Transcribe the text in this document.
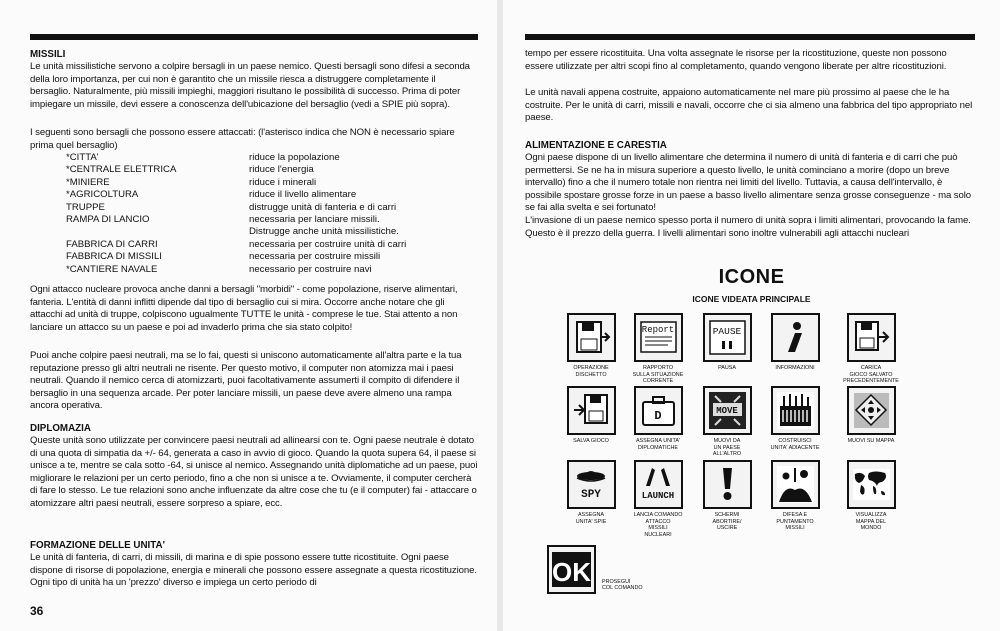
MISSILI
Le unità missilistiche servono a colpire bersagli in un paese nemico. Questi bersagli sono difesi a seconda della loro importanza, per cui non è garantito che un missile riesca a distruggere completamente il bersaglio. Naturalmente, più missili impieghi, maggiori risultano le possibilità di successo. Prima di poter impiegare un missile, devi essere a conoscenza dell'ubicazione del bersaglio (vedi a SPIE più sopra).
I seguenti sono bersagli che possono essere attaccati: (l'asterisco indica che NON è necessario spiare prima quel bersaglio)
*CITTA'	riduce la popolazione
*CENTRALE ELETTRICA	riduce l'energia
*MINIERE	riduce i minerali
*AGRICOLTURA	riduce il livello alimentare
TRUPPE	distrugge unità di fanteria e di carri
RAMPA DI LANCIO	necessaria per lanciare missili.
Distrugge anche unità missilistiche.
FABBRICA DI CARRI	necessaria per costruire unità di carri
FABBRICA DI MISSILI	necessaria per costruire missili
*CANTIERE NAVALE	necessario per costruire navi
Ogni attacco nucleare provoca anche danni a bersagli "morbidi" - come popolazione, riserve alimentari, fanteria. L'entità di danni inflitti dipende dal tipo di bersaglio cui si mira. Occorre anche notare che gli attacchi ad unità di truppe, colpiscono ugualmente TUTTE le unità - comprese le tue. Stai attento a non lanciare un attacco su un paese e poi ad invaderlo prima che sia stato colpito!
Puoi anche colpire paesi neutrali, ma se lo fai, questi si uniscono automaticamente all'altra parte e la tua reputazione presso gli altri neutrali ne risente. Per questo motivo, il computer non atomizza mai i paesi neutrali. Quando il nemico cerca di atomizzarti, puoi facoltativamente assumerti il compito di difendere il bersaglio in una sequenza arcade. Per poter lanciare missili, un paese deve avere almeno una rampa ancora operativa.
DIPLOMAZIA
Queste unità sono utilizzate per convincere paesi neutrali ad allinearsi con te. Ogni paese neutrale è dotato di una quota di simpatia da +/- 64, generata a caso in avvio di gioco. Quando la quota supera 64, il paese si unisce a te, mentre se cala sotto -64, si unisce al nemico. Assegnando unità diplomatiche ad un paese, puoi migliorare le relazioni per un certo periodo, fino a che non si unisce a te. Ovviamente, il computer cercherà di fare lo stesso. Le tue relazioni sono anche influenzate da altre cose che tu (e il computer) fai - attaccare o atomizzare altri paesi neutrali, essere sorpreso a spiare, ecc.
FORMAZIONE DELLE UNITA'
Le unità di fanteria, di carri, di missili, di marina e di spie possono essere tutte ricostituite. Ogni paese dispone di risorse di popolazione, energia e minerali che possono essere assegnate a questa ricostituzione. Ogni tipo di unità ha un 'prezzo' diverso e impiega un certo periodo di
36
tempo per essere ricostituita. Una volta assegnate le risorse per la ricostituzione, queste non possono essere utilizzate per altri scopi fino al completamento, quando vengono liberate per altre ricostituzioni.
Le unità navali appena costruite, appaiono automaticamente nel mare più prossimo al paese che le ha costruite. Per le unità di carri, missili e navali, occorre che ci sia almeno una fabbrica del tipo appropriato nel paese.
ALIMENTAZIONE E CARESTIA
Ogni paese dispone di un livello alimentare che determina il numero di unità di fanteria e di carri che può permettersi. Se ne ha in misura superiore a questo livello, le unità cominciano a morire (dopo un breve intervallo) fino a che il numero totale non rientra nei limiti del livello. Tuttavia, a causa dell'intervallo, è possibile spostare grosse forze in un paese a basso livello alimentare senza grosse conseguenze - ma solo se fai alla svelta e sei fortunato!
L'invasione di un paese nemico spesso porta il numero di unità sopra i limiti alimentari, provocando la fame. Questo è il prezzo della guerra. I livelli alimentari sono inoltre vulnerabili agli attacchi nucleari
ICONE
ICONE VIDEATA PRINCIPALE
OPERAZIONE
DISCHETTO
Report
RAPPORTO
SULLA SITUAZIONE
CORRENTE
PAUSE
PAUSA	INFORMAZIONI	CARICA
GIOCO SALVATO
PRECEDENTEMENTE
SALVA GIOCO
D
ASSEGNA UNITA'
DIPLOMATICHE
MOVE
MUOVI DA
UN PAESE
ALL'ALTRO
COSTRUISCI
UNITA' ADIACENTE
MUOVI SU MAPPA
SPY
ASSEGNA
UNITA' SPIE
LAUNCH
LANCIA COMANDO
ATTACCO
MISSILI
NUCLEARI
SCHERMI
ABORTIRE/
USCIRE
DIFESA E
PUNTAMENTO
MISSILI
VISUALIZZA
MAPPA DEL
MONDO
OK PROSEGUI
COL COMANDO
